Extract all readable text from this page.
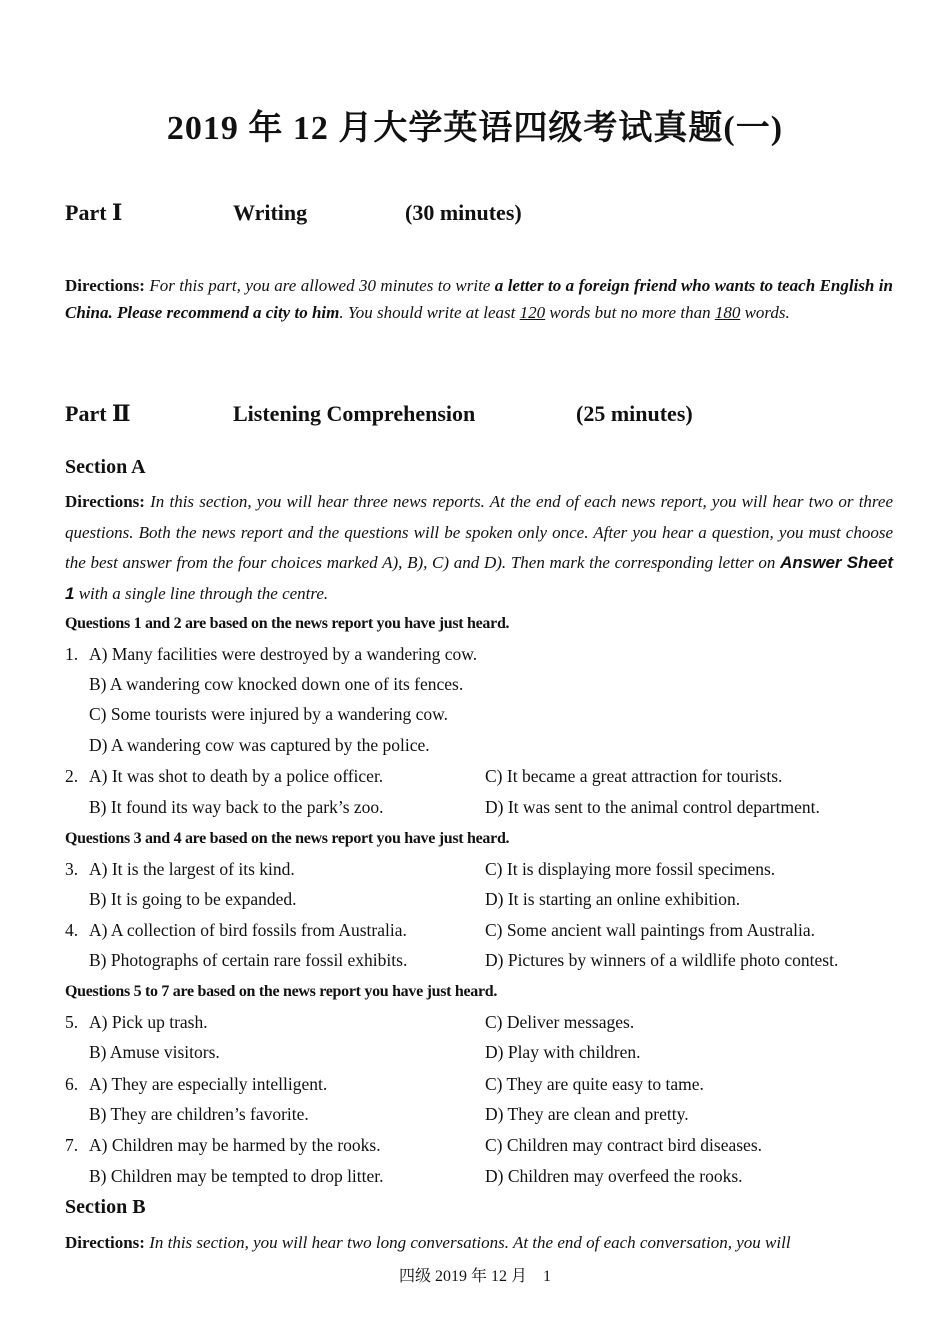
2019 年 12 月大学英语四级考试真题(一)
Part Ⅰ	Writing	(30 minutes)
Directions: For this part, you are allowed 30 minutes to write a letter to a foreign friend who wants to teach English in China. Please recommend a city to him. You should write at least 120 words but no more than 180 words.
Part Ⅱ	Listening Comprehension	(25 minutes)
Section A
Directions: In this section, you will hear three news reports. At the end of each news report, you will hear two or three questions. Both the news report and the questions will be spoken only once. After you hear a question, you must choose the best answer from the four choices marked A), B), C) and D). Then mark the corresponding letter on Answer Sheet 1 with a single line through the centre.
Questions 1 and 2 are based on the news report you have just heard.
1. A) Many facilities were destroyed by a wandering cow.
B) A wandering cow knocked down one of its fences.
C) Some tourists were injured by a wandering cow.
D) A wandering cow was captured by the police.
2. A) It was shot to death by a police officer.	C) It became a great attraction for tourists.
B) It found its way back to the park’s zoo.	D) It was sent to the animal control department.
Questions 3 and 4 are based on the news report you have just heard.
3. A) It is the largest of its kind.	C) It is displaying more fossil specimens.
B) It is going to be expanded.	D) It is starting an online exhibition.
4. A) A collection of bird fossils from Australia.	C) Some ancient wall paintings from Australia.
B) Photographs of certain rare fossil exhibits.	D) Pictures by winners of a wildlife photo contest.
Questions 5 to 7 are based on the news report you have just heard.
5. A) Pick up trash.	C) Deliver messages.
B) Amuse visitors.	D) Play with children.
6. A) They are especially intelligent.	C) They are quite easy to tame.
B) They are children’s favorite.	D) They are clean and pretty.
7. A) Children may be harmed by the rooks.	C) Children may contract bird diseases.
B) Children may be tempted to drop litter.	D) Children may overfeed the rooks.
Section B
Directions: In this section, you will hear two long conversations. At the end of each conversation, you will
四级 2019 年 12 月    1
